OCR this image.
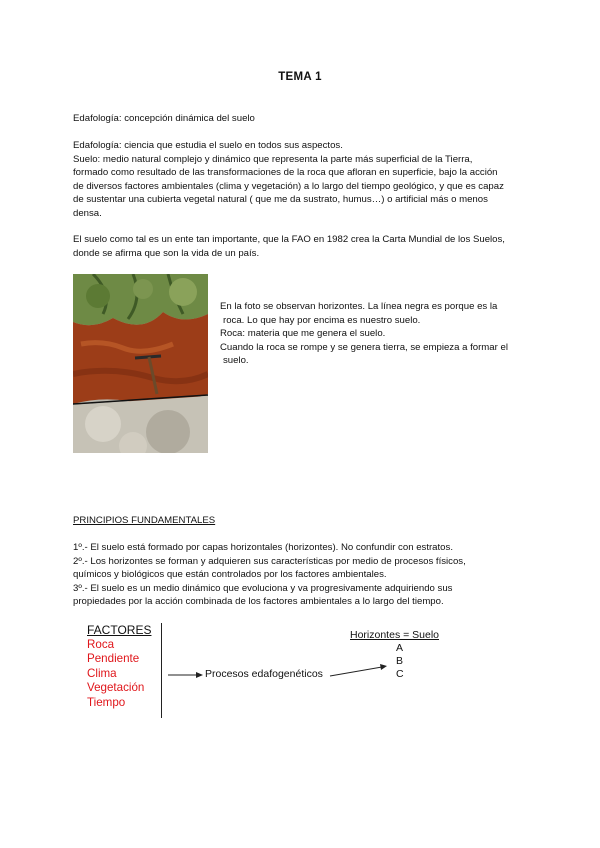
TEMA 1
Edafología: concepción dinámica del suelo
Edafología: ciencia que estudia el suelo en todos sus aspectos.
Suelo: medio natural complejo y dinámico que representa la parte más superficial de la Tierra,
formado como resultado de las transformaciones de la roca que afloran en superficie, bajo la acción
de diversos factores ambientales (clima y vegetación) a lo largo del tiempo geológico, y que es capaz
de sustentar una cubierta vegetal natural ( que me da sustrato, humus…) o artificial más o menos
densa.
El suelo como tal es un ente tan importante, que la FAO en 1982 crea la Carta Mundial de los Suelos,
donde se afirma que son la vida de un país.
En la foto se observan horizontes. La línea negra es porque es la
roca. Lo que hay por encima es nuestro suelo.
Roca: materia que me genera el suelo.
Cuando la roca se rompe y se genera tierra, se empieza a formar el
suelo.
PRINCIPIOS FUNDAMENTALES
1º.- El suelo está formado por capas horizontales (horizontes). No confundir con estratos.
2º.- Los horizontes se forman y adquieren sus características por medio de procesos físicos,
químicos y biológicos que están controlados por los factores ambientales.
3º.- El suelo es un medio dinámico que evoluciona y va progresivamente adquiriendo sus
propiedades por la acción combinada de los factores ambientales a lo largo del tiempo.
FACTORES
Roca
Pendiente
Clima
Vegetación
Tiempo
Procesos edafogenéticos
Horizontes = Suelo
A
B
C
